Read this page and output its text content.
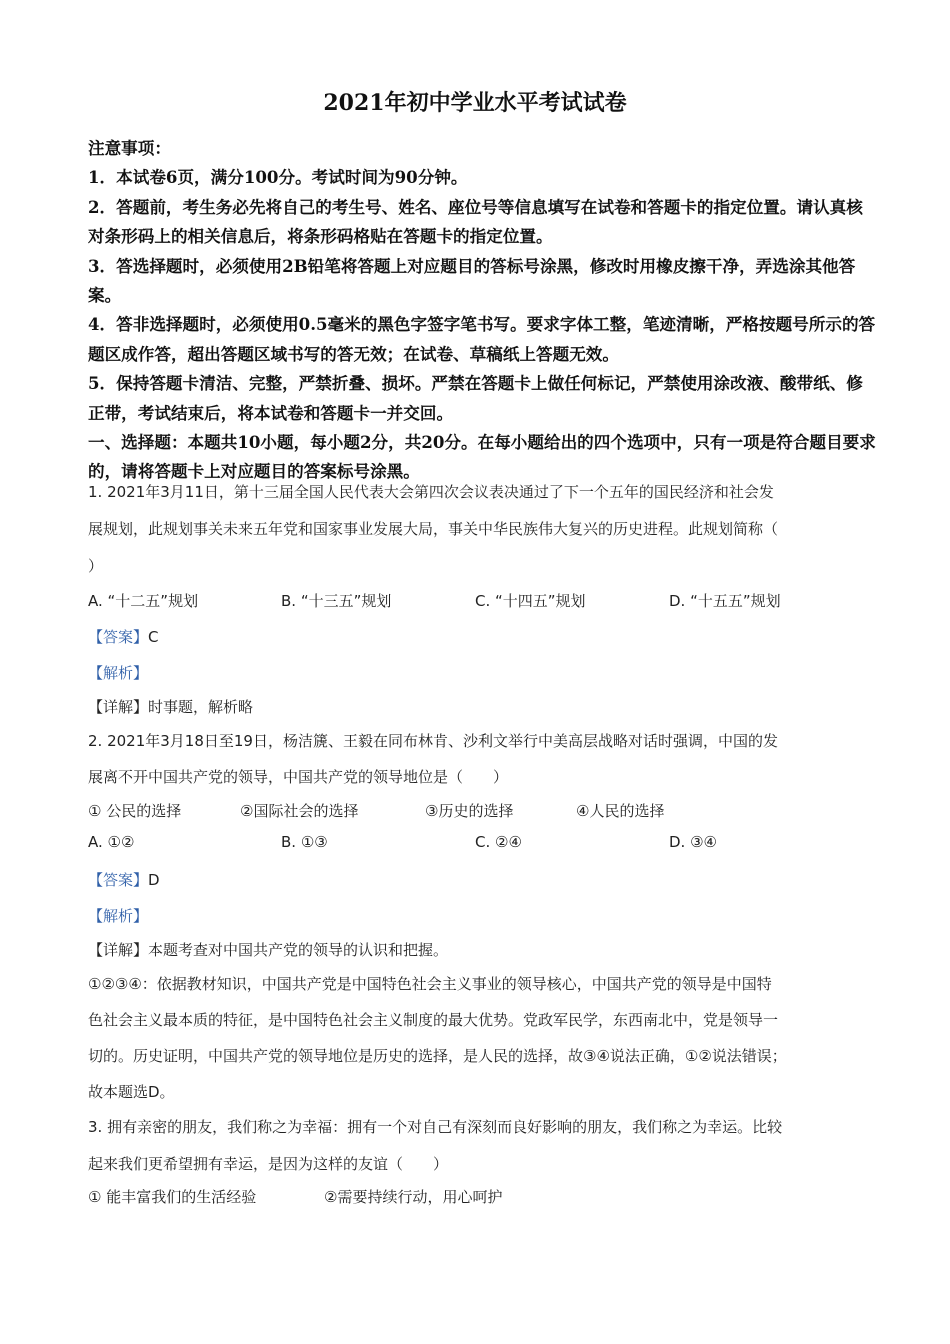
2021年初中学业水平考试试卷

注意事项：

1．本试卷6页，满分100分。考试时间为90分钟。

2．答题前，考生务必先将自己的考生号、姓名、座位号等信息填写在试卷和答题卡的指定位置。请认真核对条形码上的相关信息后，将条形码格贴在答题卡的指定位置。

3．答选择题时，必须使用2B铅笔将答题上对应题目的答标号涂黑，修改时用橡皮擦干净，弄选涂其他答案。

4．答非选择题时，必须使用0.5毫米的黑色字签字笔书写。要求字体工整，笔迹清晰，严格按题号所示的答题区成作答，超出答题区域书写的答无效；在试卷、草稿纸上答题无效。

5．保持答题卡清洁、完整，严禁折叠、损坏。严禁在答题卡上做任何标记，严禁使用涂改液、酸带纸、修正带，考试结束后，将本试卷和答题卡一并交回。

一、选择题：本题共10小题，每小题2分，共20分。在每小题给出的四个选项中，只有一项是符合题目要求的，请将答题卡上对应题目的答案标号涂黑。

1. 2021年3月11日，第十三届全国人民代表大会第四次会议表决通过了下一个五年的国民经济和社会发
展规划，此规划事关未来五年党和国家事业发展大局，事关中华民族伟大复兴的历史进程。此规划简称（
）
A. “十二五”规划	B. “十三五”规划	C. “十四五”规划	D. “十五五”规划
【答案】C
【解析】
【详解】时事题，解析略
2. 2021年3月18日至19日，杨洁篪、王毅在同布林肯、沙利文举行中美高层战略对话时强调，中国的发
展离不开中国共产党的领导，中国共产党的领导地位是（　　）
① 公民的选择	②国际社会的选择	③历史的选择	④人民的选择
A. ①②	B. ①③	C. ②④	D. ③④
【答案】D
【解析】
【详解】本题考查对中国共产党的领导的认识和把握。
①②③④：依据教材知识，中国共产党是中国特色社会主义事业的领导核心，中国共产党的领导是中国特
色社会主义最本质的特征，是中国特色社会主义制度的最大优势。党政军民学，东西南北中，党是领导一
切的。历史证明，中国共产党的领导地位是历史的选择，是人民的选择，故③④说法正确，①②说法错误；
故本题选D。
3. 拥有亲密的朋友，我们称之为幸福：拥有一个对自己有深刻而良好影响的朋友，我们称之为幸运。比较
起来我们更希望拥有幸运，是因为这样的友谊（　　）
① 能丰富我们的生活经验	②需要持续行动，用心呵护
